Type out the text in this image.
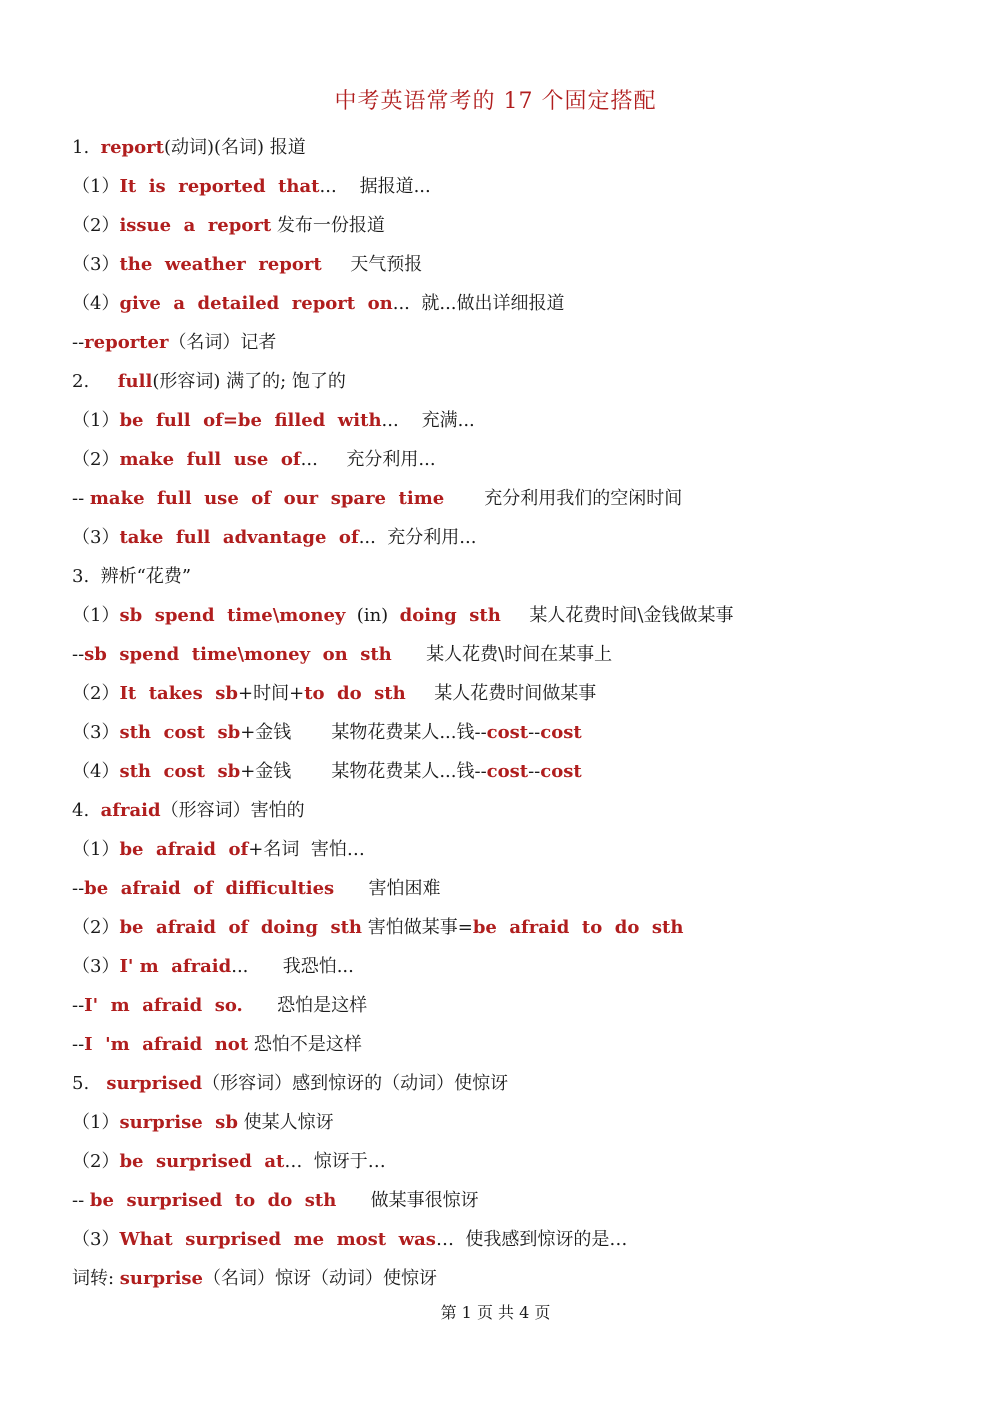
中考英语常考的 17 个固定搭配
1.  report(动词)(名词) 报道
（1）It  is  reported  that...    据报道...
（2）issue  a  report 发布一份报道
（3）the  weather  report     天气预报
（4）give  a  detailed  report  on...  就...做出详细报道
--reporter（名词）记者
2.     full(形容词) 满了的; 饱了的
（1）be  full  of=be  filled  with...    充满...
（2）make  full  use  of...     充分利用...
-- make  full  use  of  our  spare  time       充分利用我们的空闲时间
（3）take  full  advantage  of...  充分利用...
3.  辨析“花费”
（1）sb  spend  time\money  (in)  doing  sth     某人花费时间\金钱做某事
--sb  spend  time\money  on  sth      某人花费\时间在某事上
（2）It  takes  sb+时间+to  do  sth     某人花费时间做某事
（3）sth  cost  sb+金钱       某物花费某人...钱--cost--cost
（4）sth  cost  sb+金钱       某物花费某人...钱--cost--cost
4.  afraid（形容词）害怕的
（1）be  afraid  of+名词  害怕…
--be  afraid  of  difficulties      害怕困难
（2）be  afraid  of  doing  sth 害怕做某事=be  afraid  to  do  sth
（3）I' m  afraid...      我恐怕...
--I'  m  afraid  so.      恐怕是这样
--I  'm  afraid  not 恐怕不是这样
5.   surprised（形容词）感到惊讶的（动词）使惊讶
（1）surprise  sb 使某人惊讶
（2）be  surprised  at…  惊讶于…
-- be  surprised  to  do  sth      做某事很惊讶
（3）What  surprised  me  most  was…  使我感到惊讶的是…
词转: surprise（名词）惊讶（动词）使惊讶
第 1 页 共 4 页
